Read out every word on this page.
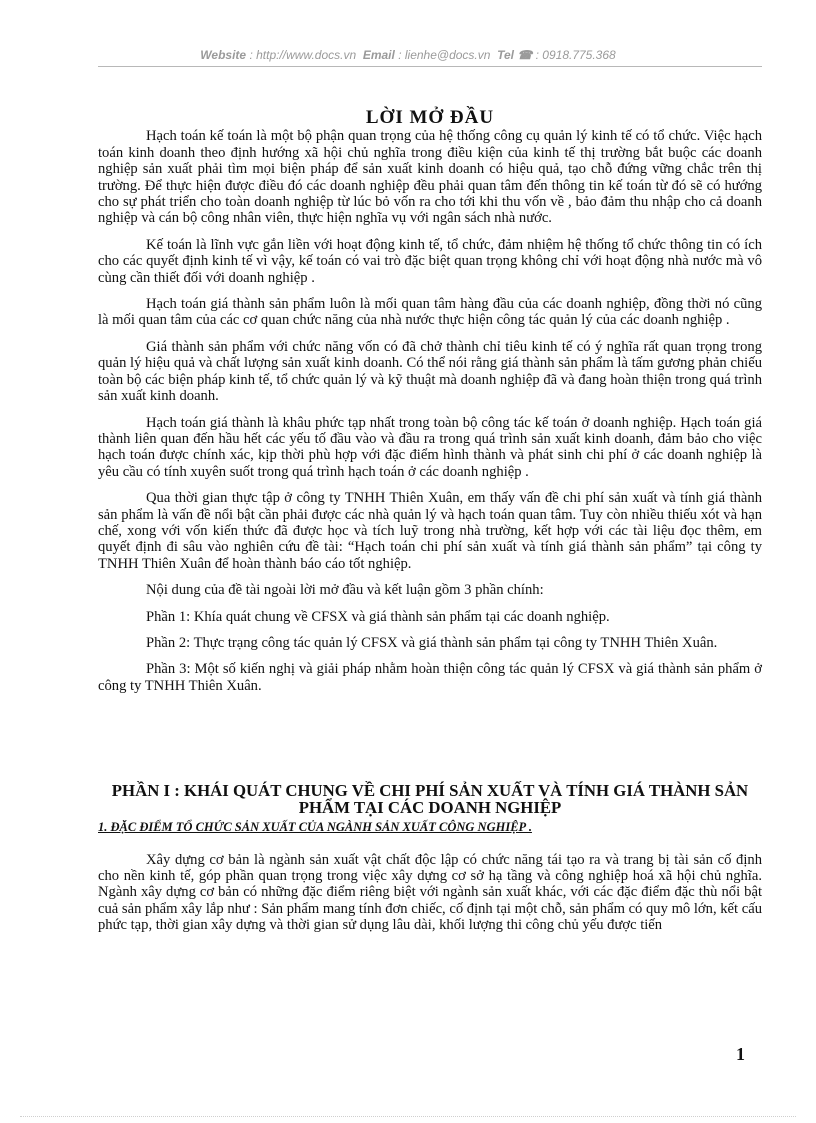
Website : http://www.docs.vn Email : lienhe@docs.vn Tel ☎ : 0918.775.368
LỜI MỞ ĐẦU

Hạch toán kế toán là một bộ phận quan trọng của hệ thống công cụ quản lý kinh tế có tổ chức. Việc hạch toán kinh doanh theo định hướng xã hội chủ nghĩa trong điều kiện của kinh tế thị trường bắt buộc các doanh nghiệp sản xuất phải tìm mọi biện pháp để sản xuất kinh doanh có hiệu quả, tạo chỗ đứng vững chắc trên thị trường. Để thực hiện được điều đó các doanh nghiệp đều phải quan tâm đến thông tin kế toán từ đó sẽ có hướng cho sự phát triển cho toàn doanh nghiệp từ lúc bỏ vốn ra cho tới khi thu vốn về , bảo đảm thu nhập cho cả doanh nghiệp và cán bộ công nhân viên, thực hiện nghĩa vụ với ngân sách nhà nước.

Kế toán là lĩnh vực gắn liền với hoạt động kinh tế, tổ chức, đảm nhiệm hệ thống tổ chức thông tin có ích cho các quyết định kinh tế vì vậy, kế toán có vai trò đặc biệt quan trọng không chỉ với hoạt động nhà nước mà vô cùng cần thiết đối với doanh nghiệp .

Hạch toán giá thành sản phẩm luôn là mối quan tâm hàng đầu của các doanh nghiệp, đồng thời nó cũng là mối quan tâm của các cơ quan chức năng của nhà nước thực hiện công tác quản lý của các doanh nghiệp .

Giá thành sản phẩm với chức năng vốn có đã chở thành chỉ tiêu kinh tế có ý nghĩa rất quan trọng trong quản lý hiệu quả và chất lượng sản xuất kinh doanh. Có thể nói rằng giá thành sản phẩm là tấm gương phản chiếu toàn bộ các biện pháp kinh tế, tổ chức quản lý và kỹ thuật mà doanh nghiệp đã và đang hoàn thiện trong quá trình sản xuất kinh doanh.

Hạch toán giá thành là khâu phức tạp nhất trong toàn bộ công tác kế toán ở doanh nghiệp. Hạch toán giá thành liên quan đến hầu hết các yếu tố đầu vào và đầu ra trong quá trình sản xuất kinh doanh, đảm bảo cho việc hạch toán được chính xác, kịp thời phù hợp với đặc điểm hình thành và phát sinh chi phí ở các doanh nghiệp là yêu cầu có tính xuyên suốt trong quá trình hạch toán ở các doanh nghiệp .

Qua thời gian thực tập ở công ty TNHH Thiên Xuân, em thấy vấn đề chi phí sản xuất và tính giá thành sản phẩm là vấn đề nổi bật cần phải được các nhà quản lý và hạch toán quan tâm. Tuy còn nhiều thiếu xót và hạn chế, xong với vốn kiến thức đã được học và tích luỹ trong nhà trường, kết hợp với các tài liệu đọc thêm, em quyết định đi sâu vào nghiên cứu đề tài: “Hạch toán chi phí sản xuất và tính giá thành sản phẩm” tại công ty TNHH Thiên Xuân để hoàn thành báo cáo tốt nghiệp.

Nội dung của đề tài ngoài lời mở đầu và kết luận gồm 3 phần chính:

Phần 1: Khía quát chung về CFSX và giá thành sản phẩm tại các doanh nghiệp.

Phần 2: Thực trạng công tác quản lý CFSX và giá thành sản phẩm tại công ty TNHH Thiên Xuân.

Phần 3: Một số kiến nghị và giải pháp nhằm hoàn thiện công tác quản lý CFSX và giá thành sản phẩm ở công ty TNHH Thiên Xuân.

PHẦN I : KHÁI QUÁT CHUNG VỀ CHI PHÍ SẢN XUẤT VÀ TÍNH GIÁ THÀNH SẢN PHẨM TẠI CÁC DOANH NGHIỆP
1. ĐẶC ĐIỂM TỔ CHỨC SẢN XUẤT CỦA NGÀNH SẢN XUẤT CÔNG NGHIỆP .

Xây dựng cơ bản là ngành sản xuất vật chất độc lập có chức năng tái tạo ra và trang bị tài sản cố định cho nền kinh tế, góp phần quan trọng trong việc xây dựng cơ sở hạ tầng và công nghiệp hoá xã hội chủ nghĩa. Ngành xây dựng cơ bản có những đặc điểm riêng biệt với ngành sản xuất khác, với các đặc điểm đặc thù nổi bật cuả sản phẩm xây lắp như : Sản phẩm mang tính đơn chiếc, cố định tại một chỗ, sản phẩm có quy mô lớn, kết cấu phức tạp, thời gian xây dựng và thời gian sử dụng lâu dài, khối lượng thi công chủ yếu được tiến

1
